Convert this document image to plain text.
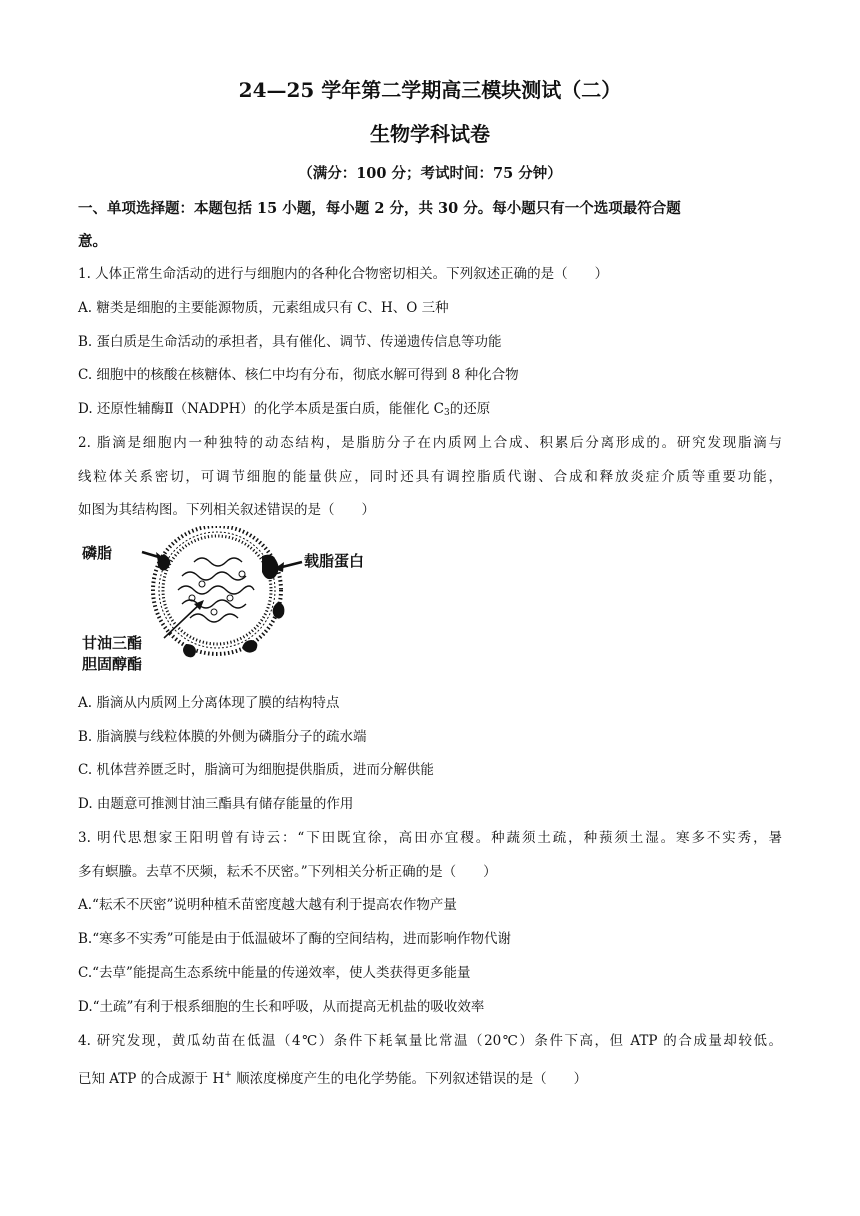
24—25 学年第二学期高三模块测试（二）
生物学科试卷
（满分：100 分；考试时间：75 分钟）
一、单项选择题：本题包括 15 小题，每小题 2 分，共 30 分。每小题只有一个选项最符合题
意。
1. 人体正常生命活动的进行与细胞内的各种化合物密切相关。下列叙述正确的是（　　）
A. 糖类是细胞的主要能源物质，元素组成只有 C、H、O 三种
B. 蛋白质是生命活动的承担者，具有催化、调节、传递遗传信息等功能
C. 细胞中的核酸在核糖体、核仁中均有分布，彻底水解可得到 8 种化合物
D. 还原性辅酶Ⅱ（NADPH）的化学本质是蛋白质，能催化 $C_3$的还原
2. 脂滴是细胞内一种独特的动态结构，是脂肪分子在内质网上合成、积累后分离形成的。研究发现脂滴与
线粒体关系密切，可调节细胞的能量供应，同时还具有调控脂质代谢、合成和释放炎症介质等重要功能，
如图为其结构图。下列相关叙述错误的是（　　）
磷脂	载脂蛋白
甘油三酯
胆固醇酯
A. 脂滴从内质网上分离体现了膜的结构特点
B. 脂滴膜与线粒体膜的外侧为磷脂分子的疏水端
C. 机体营养匮乏时，脂滴可为细胞提供脂质，进而分解供能
D. 由题意可推测甘油三酯具有储存能量的作用
3. 明代思想家王阳明曾有诗云：“下田既宜徐，高田亦宜稷。种蔬须土疏，种蓣须土湿。寒多不实秀，暑
多有螟螣。去草不厌频，耘禾不厌密。”下列相关分析正确的是（　　）
A.“耘禾不厌密”说明种植禾苗密度越大越有利于提高农作物产量
B.“寒多不实秀”可能是由于低温破坏了酶的空间结构，进而影响作物代谢
C.“去草”能提高生态系统中能量的传递效率，使人类获得更多能量
D.“土疏”有利于根系细胞的生长和呼吸，从而提高无机盐的吸收效率
4. 研究发现，黄瓜幼苗在低温（4℃）条件下耗氧量比常温（20℃）条件下高，但 ATP 的合成量却较低。
已知 ATP 的合成源于 H+ 顺浓度梯度产生的电化学势能。下列叙述错误的是（　　）
